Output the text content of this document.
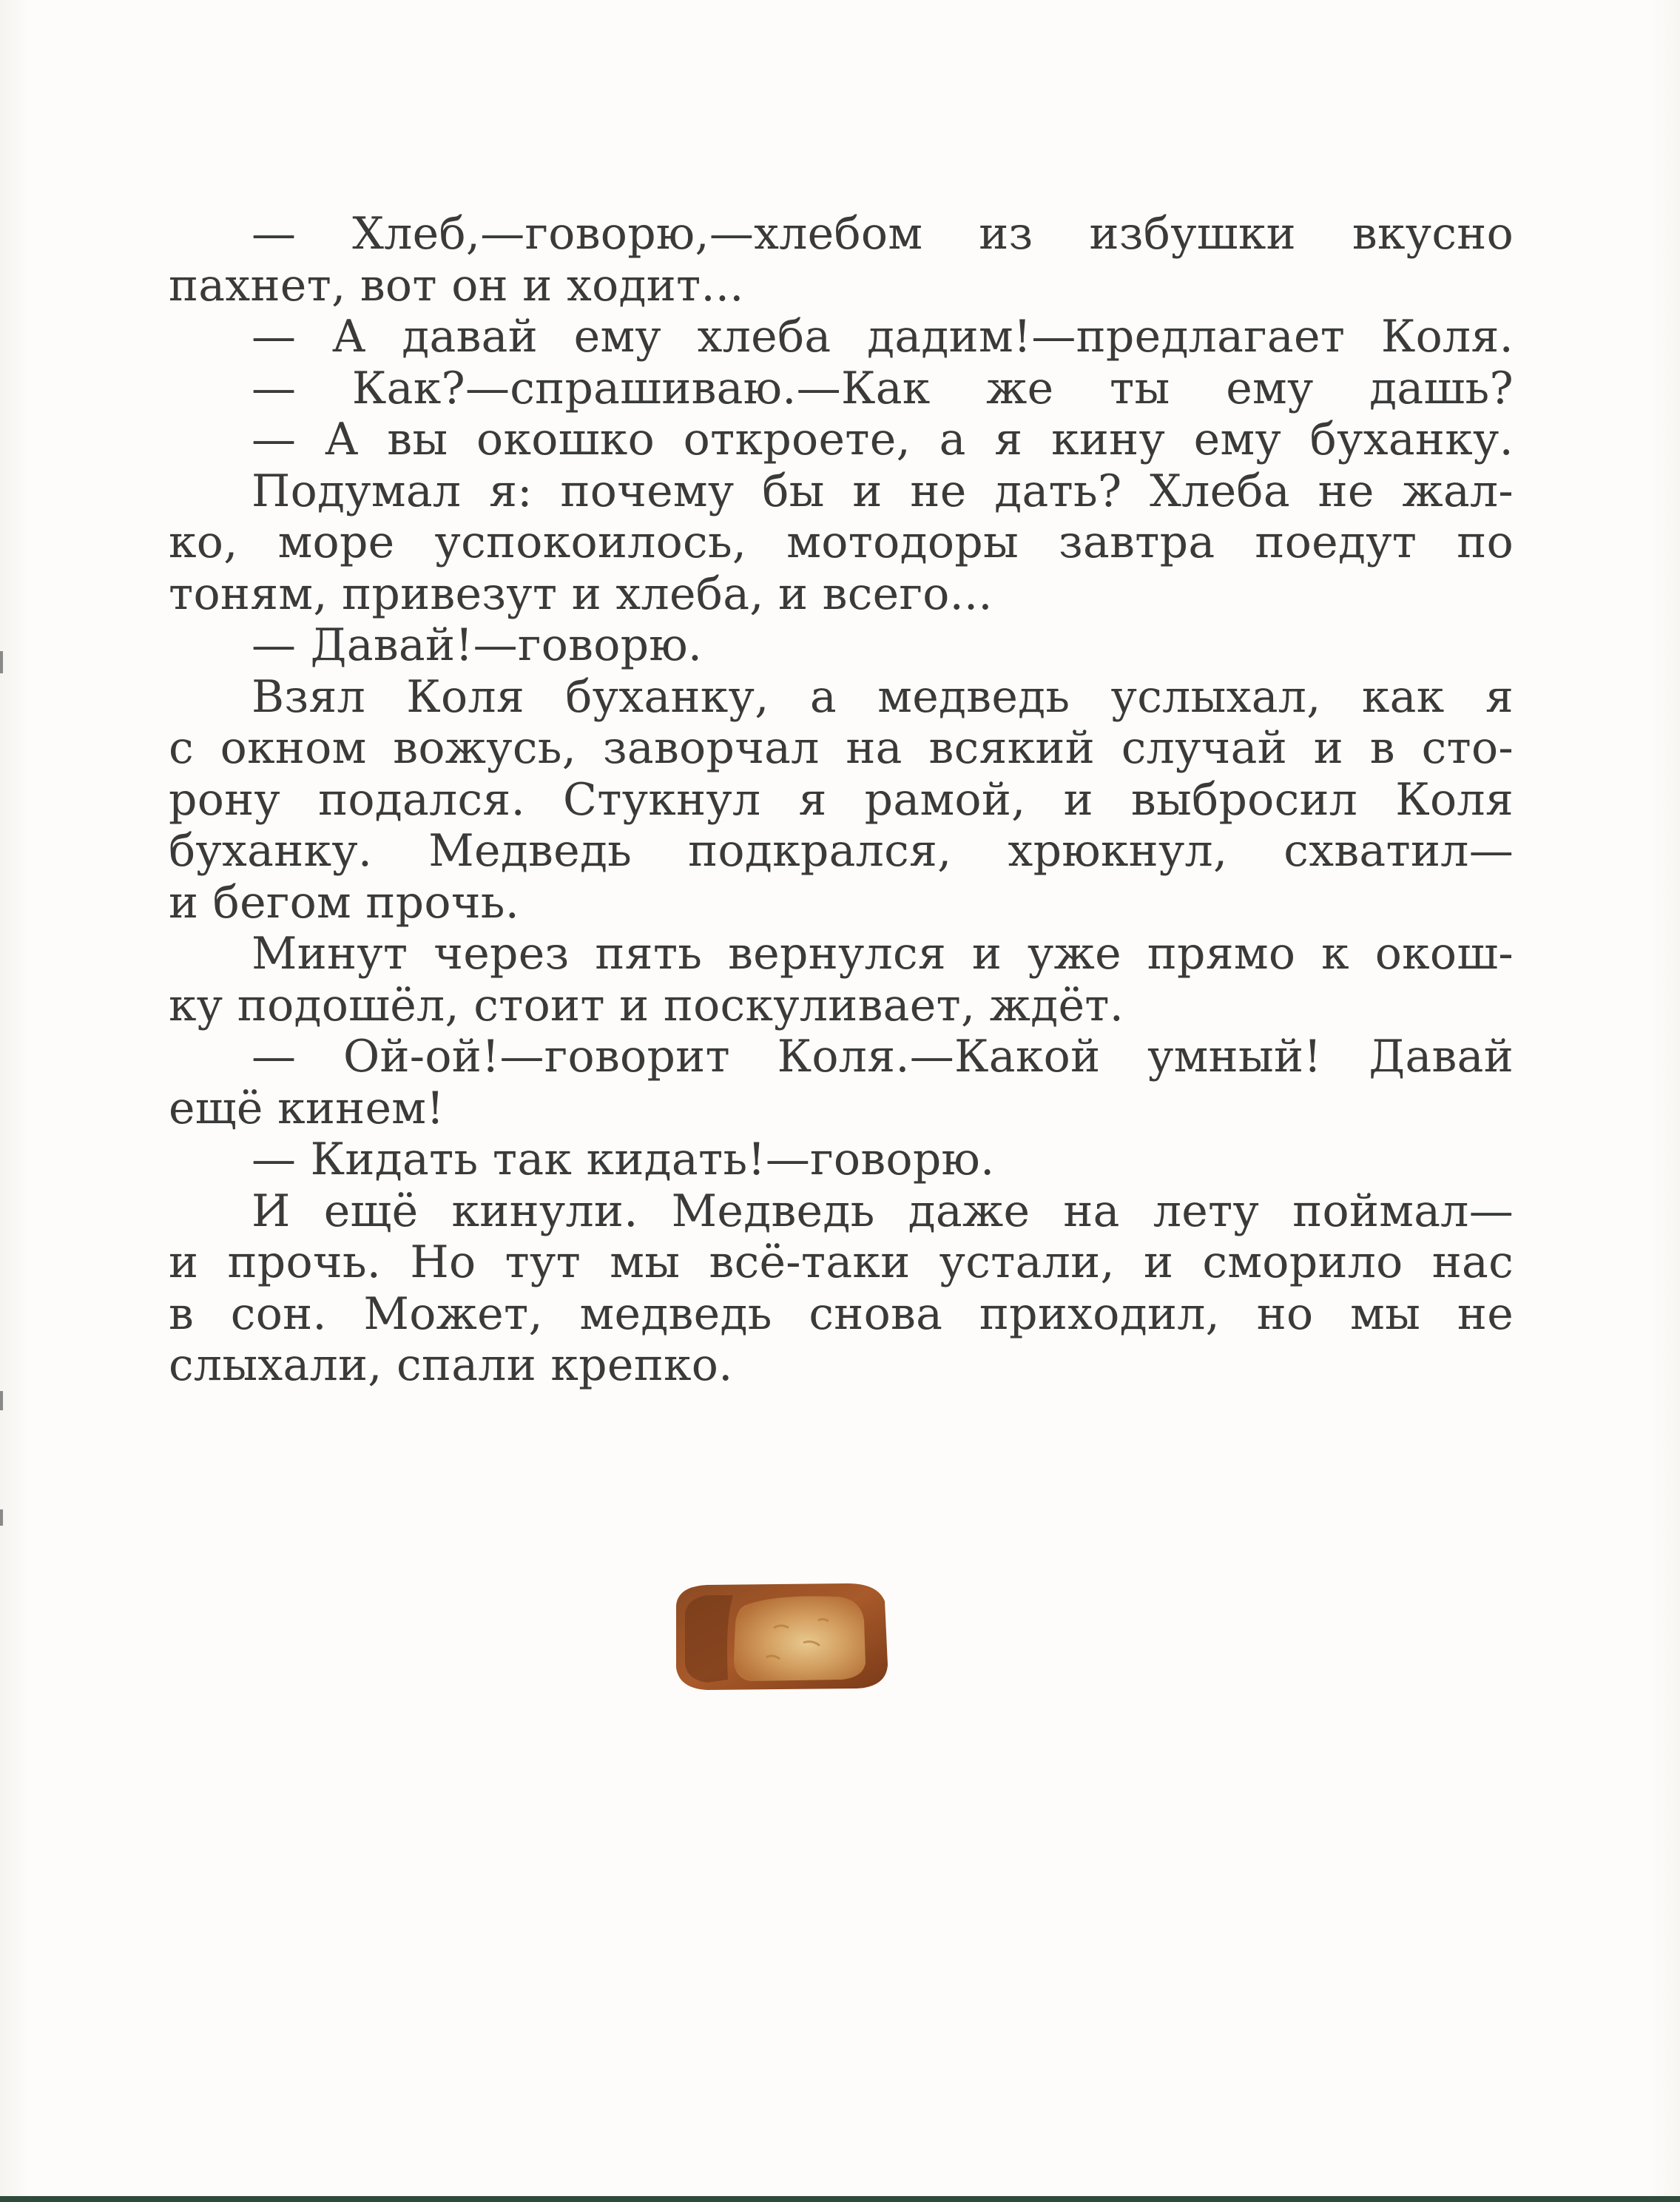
— Хлеб,—говорю,—хлебом из избушки вкусно
пахнет, вот он и ходит...
— А давай ему хлеба дадим!—предлагает Коля.
— Как?—спрашиваю.—Как же ты ему дашь?
— А вы окошко откроете, а я кину ему буханку.
Подумал я: почему бы и не дать? Хлеба не жал-
ко, море успокоилось, мотодоры завтра поедут по
тоням, привезут и хлеба, и всего...
— Давай!—говорю.
Взял Коля буханку, а медведь услыхал, как я
с окном вожусь, заворчал на всякий случай и в сто-
рону подался. Стукнул я рамой, и выбросил Коля
буханку. Медведь подкрался, хрюкнул, схватил—
и бегом прочь.
Минут через пять вернулся и уже прямо к окош-
ку подошёл, стоит и поскуливает, ждёт.
— Ой-ой!—говорит Коля.—Какой умный! Давай
ещё кинем!
— Кидать так кидать!—говорю.
И ещё кинули. Медведь даже на лету поймал—
и прочь. Но тут мы всё-таки устали, и сморило нас
в сон. Может, медведь снова приходил, но мы не
слыхали, спали крепко.
